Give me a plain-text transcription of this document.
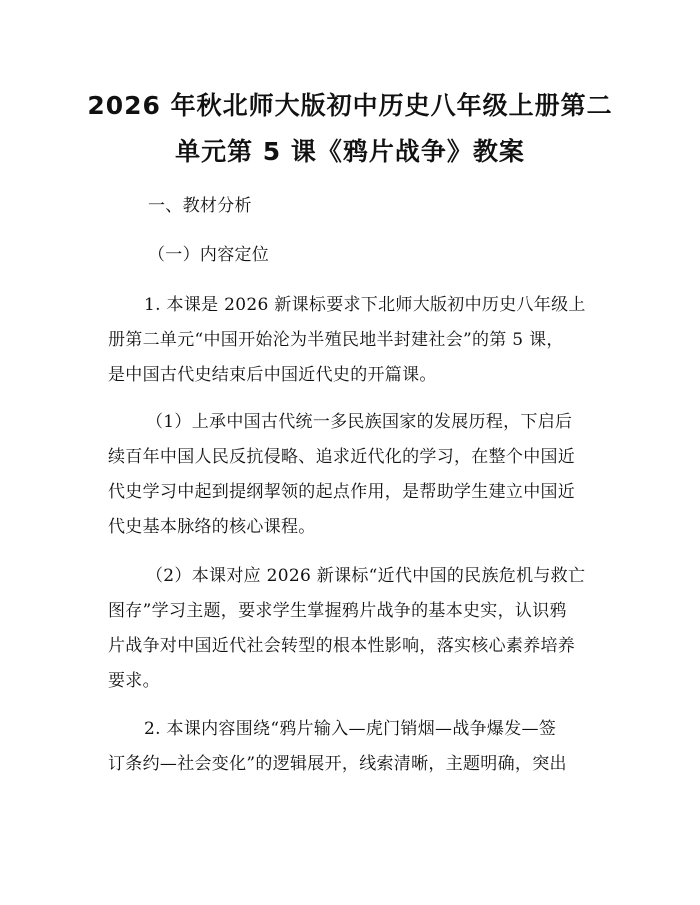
2026 年秋北师大版初中历史八年级上册第二
单元第 5 课《鸦片战争》教案
一、教材分析
（一）内容定位
1. 本课是 2026 新课标要求下北师大版初中历史八年级上
册第二单元“中国开始沦为半殖民地半封建社会”的第 5 课，
是中国古代史结束后中国近代史的开篇课。
（1）上承中国古代统一多民族国家的发展历程，下启后
续百年中国人民反抗侵略、追求近代化的学习，在整个中国近
代史学习中起到提纲挈领的起点作用，是帮助学生建立中国近
代史基本脉络的核心课程。
（2）本课对应 2026 新课标“近代中国的民族危机与救亡
图存”学习主题，要求学生掌握鸦片战争的基本史实，认识鸦
片战争对中国近代社会转型的根本性影响，落实核心素养培养
要求。
2. 本课内容围绕“鸦片输入—虎门销烟—战争爆发—签
订条约—社会变化”的逻辑展开，线索清晰，主题明确，突出
